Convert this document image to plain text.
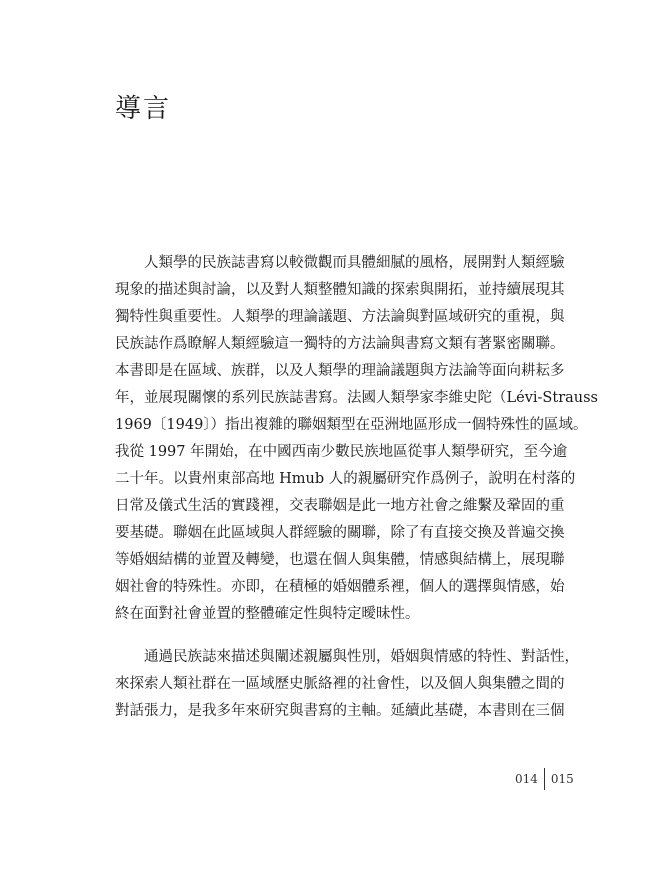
導言

人類學的民族誌書寫以較微觀而具體細膩的風格，展開對人類經驗
現象的描述與討論，以及對人類整體知識的探索與開拓，並持續展現其
獨特性與重要性。人類學的理論議題、方法論與對區域研究的重視，與
民族誌作爲瞭解人類經驗這一獨特的方法論與書寫文類有著緊密關聯。
本書即是在區域、族群，以及人類學的理論議題與方法論等面向耕耘多
年，並展現關懷的系列民族誌書寫。法國人類學家李維史陀（Lévi-Strauss
1969〔1949〕）指出複雜的聯姻類型在亞洲地區形成一個特殊性的區域。
我從 1997 年開始，在中國西南少數民族地區從事人類學研究，至今逾
二十年。以貴州東部高地 Hmub 人的親屬研究作爲例子，說明在村落的
日常及儀式生活的實踐裡，交表聯姻是此一地方社會之維繫及鞏固的重
要基礎。聯姻在此區域與人群經驗的關聯，除了有直接交換及普遍交換
等婚姻結構的並置及轉變，也還在個人與集體，情感與結構上，展現聯
姻社會的特殊性。亦即，在積極的婚姻體系裡，個人的選擇與情感，始
終在面對社會並置的整體確定性與特定曖昧性。

通過民族誌來描述與闡述親屬與性別，婚姻與情感的特性、對話性，
來探索人類社群在一區域歷史脈絡裡的社會性，以及個人與集體之間的
對話張力，是我多年來研究與書寫的主軸。延續此基礎，本書則在三個

014 015
